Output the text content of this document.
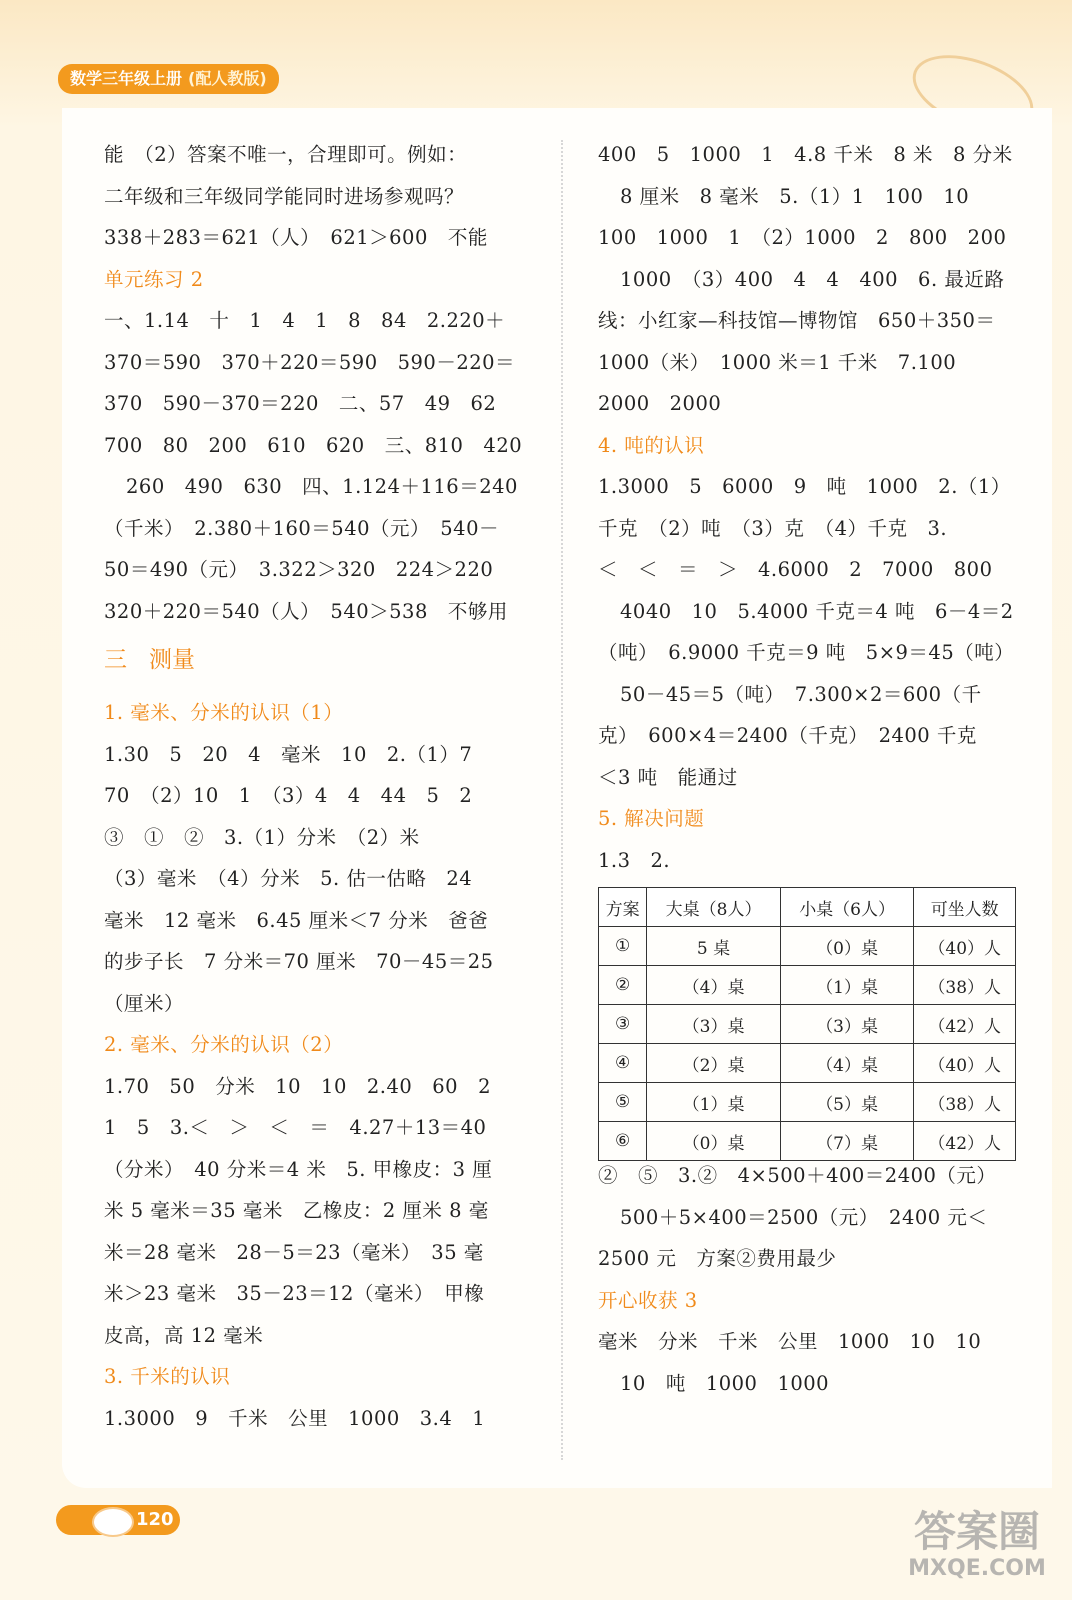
数学三年级上册 (配人教版)
能　（2）答案不唯一，合理即可。例如：
二年级和三年级同学能同时进场参观吗？
338＋283＝621（人）　621＞600　不能
单元练习 2
一、1.14　十　1　4　1　8　84　2.220＋
370＝590　370＋220＝590　590－220＝
370　590－370＝220　二、57　49　62
700　80　200　610　620　三、810　420
260　490　630　四、1.124＋116＝240
（千米）　2.380＋160＝540（元）　540－
50＝490（元）　3.322＞320　224＞220
320＋220＝540（人）　540＞538　不够用
三 测量
1. 毫米、分米的认识（1）
1.30　5　20　4　毫米　10　2.（1）7
70　（2）10　1　（3）4　4　44　5　2
③　①　②　3.（1）分米　（2）米
（3）毫米　（4）分米　5. 估一估略　24
毫米　12 毫米　6.45 厘米＜7 分米　爸爸
的步子长　7 分米＝70 厘米　70－45＝25
（厘米）
2. 毫米、分米的认识（2）
1.70　50　分米　10　10　2.40　60　2
1　5　3.＜　＞　＜　＝　4.27＋13＝40
（分米）　40 分米＝4 米　5. 甲橡皮：3 厘
米 5 毫米＝35 毫米　乙橡皮：2 厘米 8 毫
米＝28 毫米　28－5＝23（毫米）　35 毫
米＞23 毫米　35－23＝12（毫米）　甲橡
皮高，高 12 毫米
3. 千米的认识
1.3000　9　千米　公里　1000　3.4　1
400　5　1000　1　4.8 千米　8 米　8 分米
8 厘米　8 毫米　5.（1）1　100　10
100　1000　1　（2）1000　2　800　200
1000　（3）400　4　4　400　6. 最近路
线：小红家—科技馆—博物馆　650＋350＝
1000（米）　1000 米＝1 千米　7.100
2000　2000
4. 吨的认识
1.3000　5　6000　9　吨　1000　2.（1）
千克　（2）吨　（3）克　（4）千克　3.
＜　＜　＝　＞　4.6000　2　7000　800
4040　10　5.4000 千克＝4 吨　6－4＝2
（吨）　6.9000 千克＝9 吨　5×9＝45（吨）
50－45＝5（吨）　7.300×2＝600（千
克）　600×4＝2400（千克）　2400 千克
＜3 吨　能通过
5. 解决问题
1.3　2.
方案	大桌（8人）	小桌（6人）	可坐人数
①	5 桌	（0）桌	（40）人
②	（4）桌	（1）桌	（38）人
③	（3）桌	（3）桌	（42）人
④	（2）桌	（4）桌	（40）人
⑤	（1）桌	（5）桌	（38）人
⑥	（0）桌	（7）桌	（42）人
②　⑤　3.②　4×500＋400＝2400（元）
500＋5×400＝2500（元）　2400 元＜
2500 元　方案②费用最少
开心收获 3
毫米　分米　千米　公里　1000　10　10
10　吨　1000　1000
120	答案圈
MXQE.COM
